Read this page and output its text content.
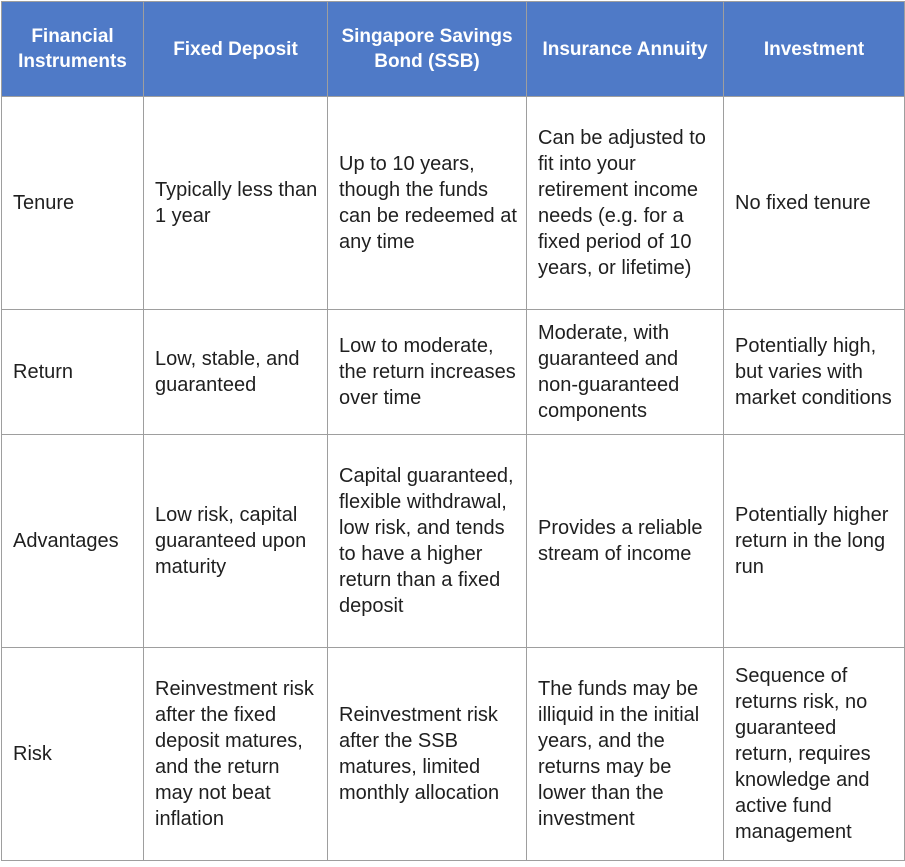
Financial Instruments	Fixed Deposit	Singapore Savings Bond (SSB)	Insurance Annuity	Investment
Tenure	Typically less than 1 year	Up to 10 years, though the funds can be redeemed at any time	Can be adjusted to fit into your retirement income needs (e.g. for a fixed period of 10 years, or lifetime)	No fixed tenure
Return	Low, stable, and guaranteed	Low to moderate, the return increases over time	Moderate, with guaranteed and non-guaranteed components	Potentially high, but varies with market conditions
Advantages	Low risk, capital guaranteed upon maturity	Capital guaranteed, flexible withdrawal, low risk, and tends to have a higher return than a fixed deposit	Provides a reliable stream of income	Potentially higher return in the long run
Risk	Reinvestment risk after the fixed deposit matures, and the return may not beat inflation	Reinvestment risk after the SSB matures, limited monthly allocation	The funds may be illiquid in the initial years, and the returns may be lower than the investment	Sequence of returns risk, no guaranteed return, requires knowledge and active fund management
